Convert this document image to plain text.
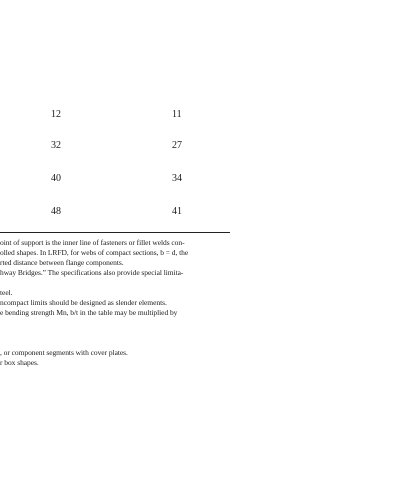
12	11
32	27
40	34
48	41
oint of support is the inner line of fasteners or fillet welds con-
olled shapes. In LRFD, for webs of compact sections, b = d, the
rted distance between flange components.
hway Bridges.” The specifications also provide special limita-
teel.
ncompact limits should be designed as slender elements.
e bending strength Mn, b/t in the table may be multiplied by
, or component segments with cover plates.
r box shapes.
